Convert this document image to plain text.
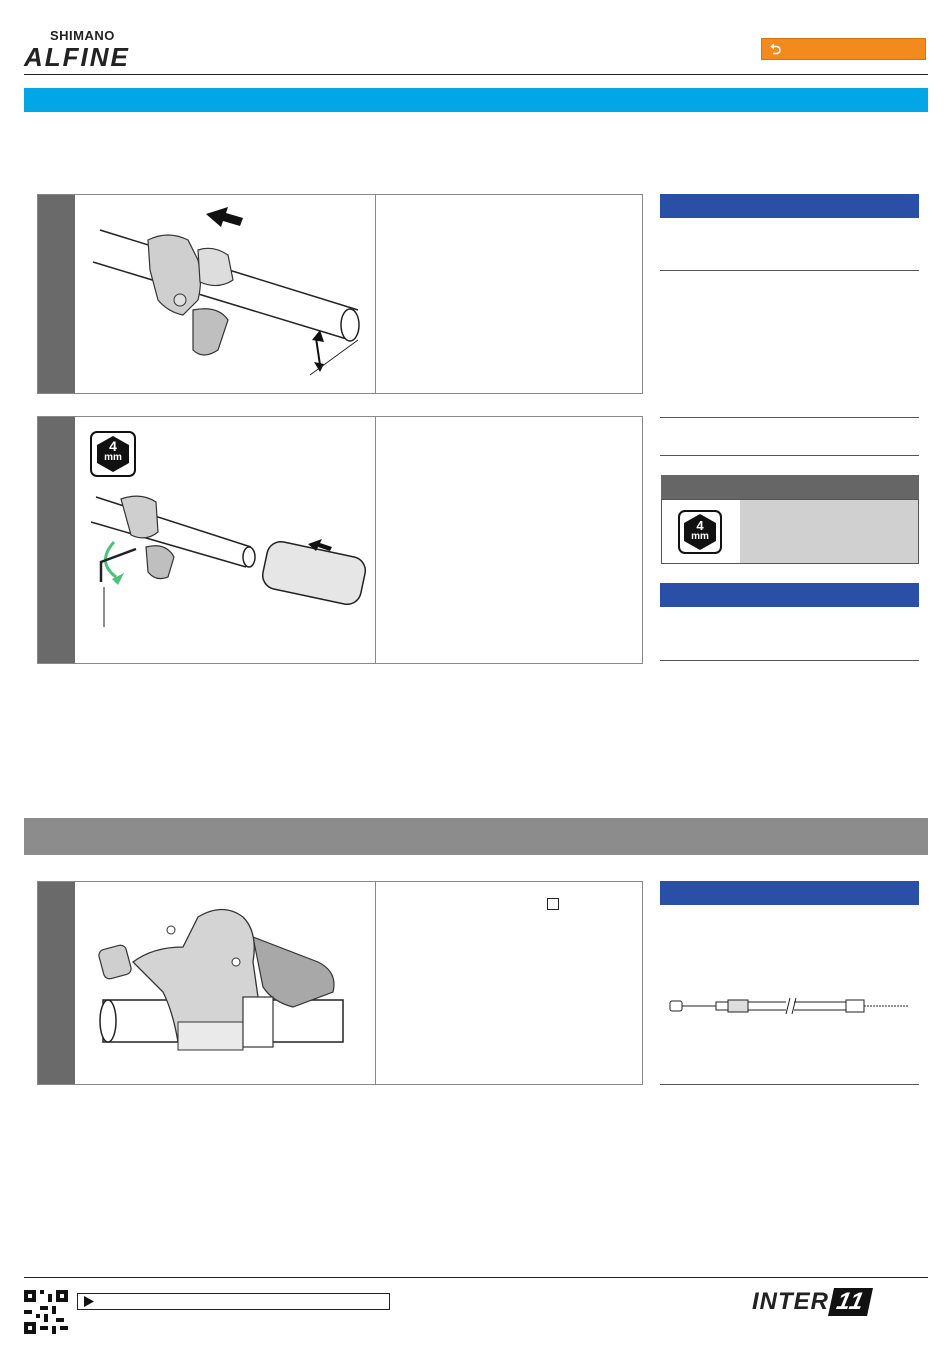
SHIMANO
ALFINE	⮌
4
mm
4
mm
INTER 11
